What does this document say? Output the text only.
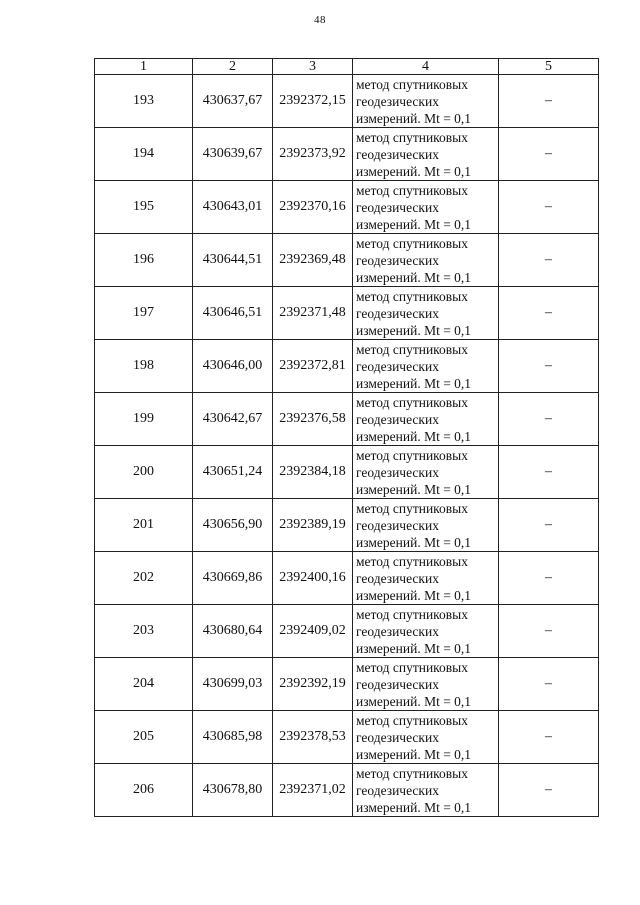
48
1	2	3	4	5
193	430637,67	2392372,15	метод спутниковых
геодезических
измерений. Mt = 0,1	–
194	430639,67	2392373,92	метод спутниковых
геодезических
измерений. Mt = 0,1	–
195	430643,01	2392370,16	метод спутниковых
геодезических
измерений. Mt = 0,1	–
196	430644,51	2392369,48	метод спутниковых
геодезических
измерений. Mt = 0,1	–
197	430646,51	2392371,48	метод спутниковых
геодезических
измерений. Mt = 0,1	–
198	430646,00	2392372,81	метод спутниковых
геодезических
измерений. Mt = 0,1	–
199	430642,67	2392376,58	метод спутниковых
геодезических
измерений. Mt = 0,1	–
200	430651,24	2392384,18	метод спутниковых
геодезических
измерений. Mt = 0,1	–
201	430656,90	2392389,19	метод спутниковых
геодезических
измерений. Mt = 0,1	–
202	430669,86	2392400,16	метод спутниковых
геодезических
измерений. Mt = 0,1	–
203	430680,64	2392409,02	метод спутниковых
геодезических
измерений. Mt = 0,1	–
204	430699,03	2392392,19	метод спутниковых
геодезических
измерений. Mt = 0,1	–
205	430685,98	2392378,53	метод спутниковых
геодезических
измерений. Mt = 0,1	–
206	430678,80	2392371,02	метод спутниковых
геодезических
измерений. Mt = 0,1	–
